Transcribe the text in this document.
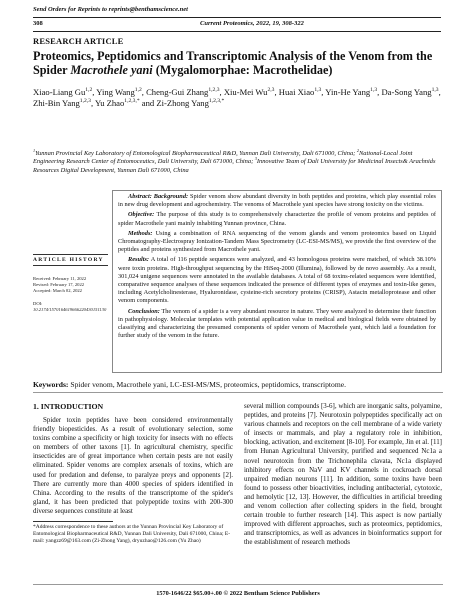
Send Orders for Reprints to reprints@benthamscience.net
308	Current Proteomics, 2022, 19, 308-322
RESEARCH ARTICLE
Proteomics, Peptidomics and Transcriptomic Analysis of the Venom from the Spider Macrothele yani (Mygalomorphae: Macrothelidae)
Xiao-Liang Gu$^{1,2}$, Ying Wang$^{1,2}$, Cheng-Gui Zhang$^{1,2,3}$, Xiu-Mei Wu$^{2,3}$, Huai Xiao$^{1,3}$, Yin-He Yang$^{1,3}$, Da-Song Yang$^{1,3}$, Zhi-Bin Yang$^{1,2,3}$, Yu Zhao$^{1,2,3,*}$ and Zi-Zhong Yang$^{1,2,3,*}$
$^1$Yunnan Provincial Key Laboratory of Entomological Biopharmaceutical R&D, Yunnan Dali University, Dali 671000, China; $^2$National-Local Joint Engineering Research Center of Entomoceutics, Dali University, Dali 671000, China; $^3$Innovative Team of Dali University for Medicinal Insects& Arachnids Resources Digital Development, Yunnan Dali 671000, China
ARTICLE HISTORY
Received: February 11, 2022
Revised: February 17, 2022
Accepted: March 02, 2022
DOI:
10.2174/1570164619666220430151130

Abstract: Background: Spider venom show abundant diversity in both peptides and proteins, which play essential roles in new drug development and agrochemistry. The venoms of Macrothele yani species have strong toxicity on the victims.

Objective: The purpose of this study is to comprehensively characterize the profile of venom proteins and peptides of spider Macrothele yani mainly inhabiting Yunnan province, China.

Methods: Using a combination of RNA sequencing of the venom glands and venom proteomics based on Liquid Chromatography-Electrospray Ionization-Tandem Mass Spectrometry (LC-ESI-MS/MS), we provide the first overview of the peptides and proteins synthesized from Macrothele yani.

Results: A total of 116 peptide sequences were analyzed, and 43 homologous proteins were matched, of which 38.10% were toxin proteins. High-throughput sequencing by the HiSeq-2000 (Illumina), followed by de novo assembly. As a result, 301,024 unigene sequences were annotated in the available databases. A total of 68 toxins-related sequences were identified, comparative sequence analyses of these sequences indicated the presence of different types of enzymes and toxin-like genes, including Acetylcholinesterase, Hyaluronidase, cysteine-rich secretory proteins (CRISP), Astacin metalloprotease and other venom components.

Conclusion: The venom of a spider is a very abundant resource in nature. They were analyzed to determine their function in pathophysiology. Molecular templates with potential application value in medical and biological fields were obtained by classifying and characterizing the presumed components of spider venom of Macrothele yani, which laid a foundation for further study of the venom in the future.

Keywords: Spider venom, Macrothele yani, LC-ESI-MS/MS, proteomics, peptidomics, transcriptome.
1. INTRODUCTION

Spider toxin peptides have been considered environmentally friendly biopesticides. As a result of evolutionary selection, some toxins combine a specificity or high toxicity for insects with no effects on members of other taxons [1]. In agricultural chemistry, specific insecticides are of great importance when certain pests are not easily eliminated. Spider venoms are complex arsenals of toxins, which are used for predation and defense, to paralyze preys and opponents [2]. There are currently more than 4000 species of spiders identified in China. According to the results of the transcriptome of the spider's gland, it has been predicted that polypeptide toxins with 200-300 diverse sequences constitute at least

*Address correspondence to these authors at the Yunnan Provincial Key Laboratory of Entomological Biopharmaceutical R&D, Yunnan Dali University, Dali 671000, China; E-mail: yangzz69@163.com (Zi-Zhong Yang), dryuzhao@126.com (Yu Zhao)

several million compounds [3-6], which are inorganic salts, polyamine, peptides, and proteins [7]. Neurotoxin polypeptides specifically act on various channels and receptors on the cell membrane of a wide variety of insects or mammals, and play a regulatory role in inhibition, blocking, activation, and excitement [8-10]. For example, Jin et al. [11] from Hunan Agricultural University, purified and sequenced Nc1a a novel neurotoxin from the Trichonephila clavata, Nc1a displayed inhibitory effects on NaV and KV channels in cockroach dorsal unpaired median neurons [11]. In addition, some toxins have been found to possess other bioactivities, including antibacterial, cytotoxic, and hemolytic [12, 13]. However, the difficulties in artificial breeding and venom collection after collecting spiders in the field, brought certain trouble to further research [14]. This aspect is now partially improved with different approaches, such as proteomics, peptidomics, and transcriptomics, as well as advances in bioinformatics support for the establishment of research methods

1570-1646/22 $65.00+.00 © 2022 Bentham Science Publishers
